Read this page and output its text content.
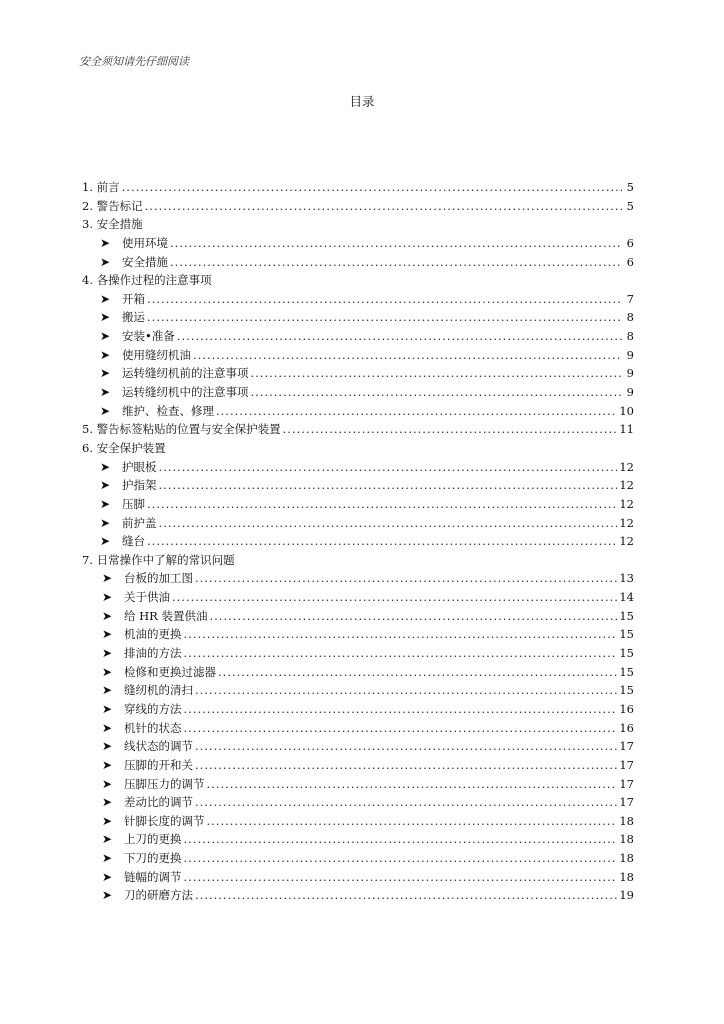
安全须知请先仔细阅读
目录
1. 前言 .....	5
2. 警告标记 .....	5
3. 安全措施
➤	使用环境 .....	6
➤	安全措施 .....	6
4. 各操作过程的注意事项
➤	开箱 .....	7
➤	搬运 .....	8
➤	安装•准备 .....	8
➤	使用缝纫机油 .....	9
➤	运转缝纫机前的注意事项 .....	9
➤	运转缝纫机中的注意事项 .....	9
➤	维护、检查、修理 .....	10
5. 警告标签粘贴的位置与安全保护装置 .....	11
6. 安全保护装置
➤	护眼板 .....	12
➤	护指架 .....	12
➤	压脚 .....	12
➤	前护盖 .....	12
➤	缝台 .....	12
7. 日常操作中了解的常识问题
➤	台板的加工图 .....	13
➤	关于供油 .....	14
➤	给 HR 装置供油 .....	15
➤	机油的更换 .....	15
➤	排油的方法 .....	15
➤	检修和更换过滤器 .....	15
➤	缝纫机的清扫 .....	15
➤	穿线的方法 .....	16
➤	机针的状态 .....	16
➤	线状态的调节 .....	17
➤	压脚的开和关 .....	17
➤	压脚压力的调节 .....	17
➤	差动比的调节 .....	17
➤	针脚长度的调节 .....	18
➤	上刀的更换 .....	18
➤	下刀的更换 .....	18
➤	链幅的调节 .....	18
➤	刀的研磨方法 .....	19
